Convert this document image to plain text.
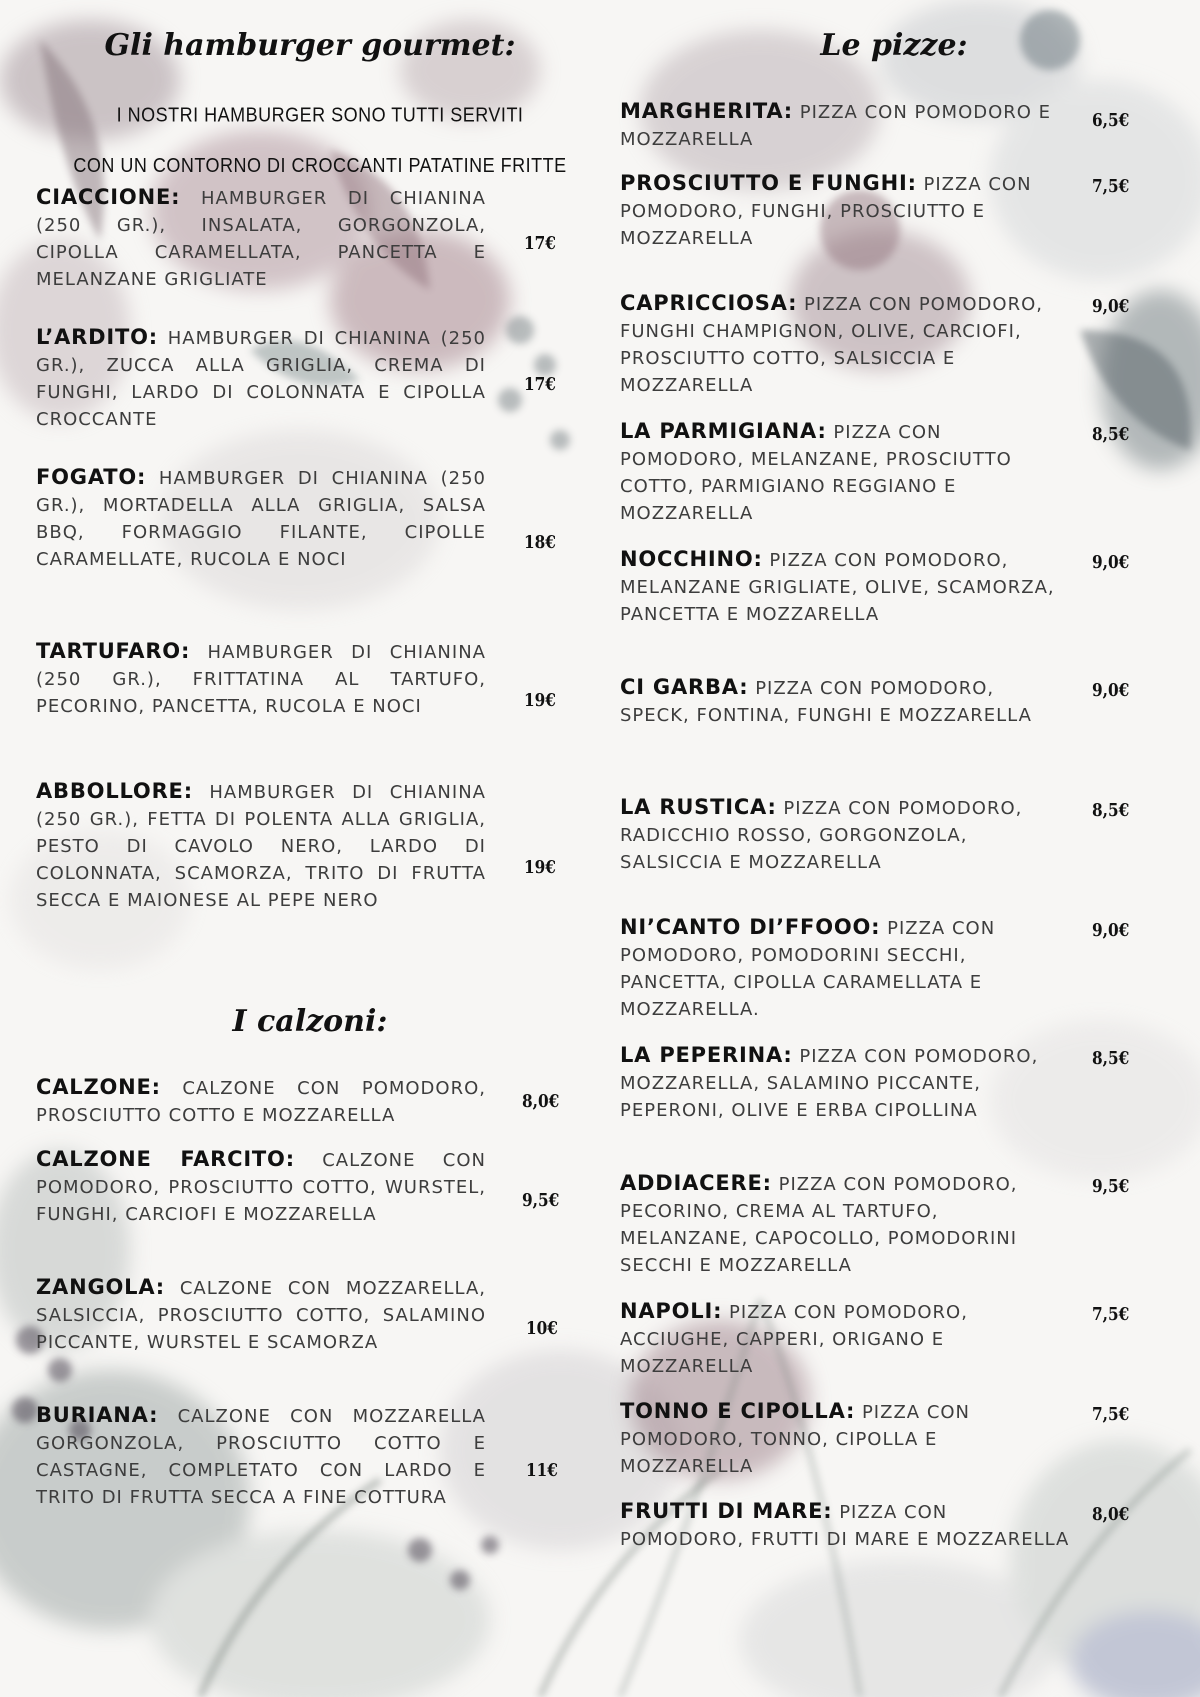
Gli hamburger gourmet:
I NOSTRI HAMBURGER SONO TUTTI SERVITI
CON UN CONTORNO DI CROCCANTI PATATINE FRITTE
CIACCIONE: HAMBURGER DI CHIANINA (250 GR.), INSALATA, GORGONZOLA, CIPOLLA CARAMELLATA, PANCETTA E MELANZANE GRIGLIATE
17€
L’ARDITO: HAMBURGER DI CHIANINA (250 GR.), ZUCCA ALLA GRIGLIA, CREMA DI FUNGHI, LARDO DI COLONNATA E CIPOLLA CROCCANTE
17€
FOGATO: HAMBURGER DI CHIANINA (250 GR.), MORTADELLA ALLA GRIGLIA, SALSA BBQ, FORMAGGIO FILANTE, CIPOLLE CARAMELLATE, RUCOLA E NOCI
18€
TARTUFARO: HAMBURGER DI CHIANINA (250 GR.), FRITTATINA AL TARTUFO, PECORINO, PANCETTA, RUCOLA E NOCI	19€
ABBOLLORE: HAMBURGER DI CHIANINA (250 GR.), FETTA DI POLENTA ALLA GRIGLIA, PESTO DI CAVOLO NERO, LARDO DI COLONNATA, SCAMORZA, TRITO DI FRUTTA SECCA E MAIONESE AL PEPE NERO
19€
I calzoni:
CALZONE: CALZONE CON POMODORO, PROSCIUTTO COTTO E MOZZARELLA
8,0€
CALZONE FARCITO: CALZONE CON POMODORO, PROSCIUTTO COTTO, WURSTEL, FUNGHI, CARCIOFI E MOZZARELLA
9,5€
ZANGOLA: CALZONE CON MOZZARELLA, SALSICCIA, PROSCIUTTO COTTO, SALAMINO PICCANTE, WURSTEL E SCAMORZA
10€
BURIANA: CALZONE CON MOZZARELLA GORGONZOLA, PROSCIUTTO COTTO E CASTAGNE, COMPLETATO CON LARDO E TRITO DI FRUTTA SECCA A FINE COTTURA
11€
Le pizze:
MARGHERITA: PIZZA CON POMODORO E MOZZARELLA
6,5€
PROSCIUTTO E FUNGHI: PIZZA CON POMODORO, FUNGHI, PROSCIUTTO E MOZZARELLA
7,5€
CAPRICCIOSA: PIZZA CON POMODORO, FUNGHI CHAMPIGNON, OLIVE, CARCIOFI, PROSCIUTTO COTTO, SALSICCIA E MOZZARELLA
9,0€
LA PARMIGIANA: PIZZA CON POMODORO, MELANZANE, PROSCIUTTO COTTO, PARMIGIANO REGGIANO E MOZZARELLA
8,5€
NOCCHINO: PIZZA CON POMODORO, MELANZANE GRIGLIATE, OLIVE, SCAMORZA, PANCETTA E MOZZARELLA
9,0€
CI GARBA: PIZZA CON POMODORO, SPECK, FONTINA, FUNGHI E MOZZARELLA
9,0€
LA RUSTICA: PIZZA CON POMODORO, RADICCHIO ROSSO, GORGONZOLA, SALSICCIA E MOZZARELLA
8,5€
NI’CANTO DI’FFOOO: PIZZA CON POMODORO, POMODORINI SECCHI, PANCETTA, CIPOLLA CARAMELLATA E MOZZARELLA.
9,0€
LA PEPERINA: PIZZA CON POMODORO, MOZZARELLA, SALAMINO PICCANTE, PEPERONI, OLIVE E ERBA CIPOLLINA
8,5€
ADDIACERE: PIZZA CON POMODORO, PECORINO, CREMA AL TARTUFO, MELANZANE, CAPOCOLLO, POMODORINI SECCHI E MOZZARELLA
9,5€
NAPOLI: PIZZA CON POMODORO, ACCIUGHE, CAPPERI, ORIGANO E MOZZARELLA
7,5€
TONNO E CIPOLLA: PIZZA CON POMODORO, TONNO, CIPOLLA E MOZZARELLA
7,5€
FRUTTI DI MARE: PIZZA CON POMODORO, FRUTTI DI MARE E MOZZARELLA
8,0€
